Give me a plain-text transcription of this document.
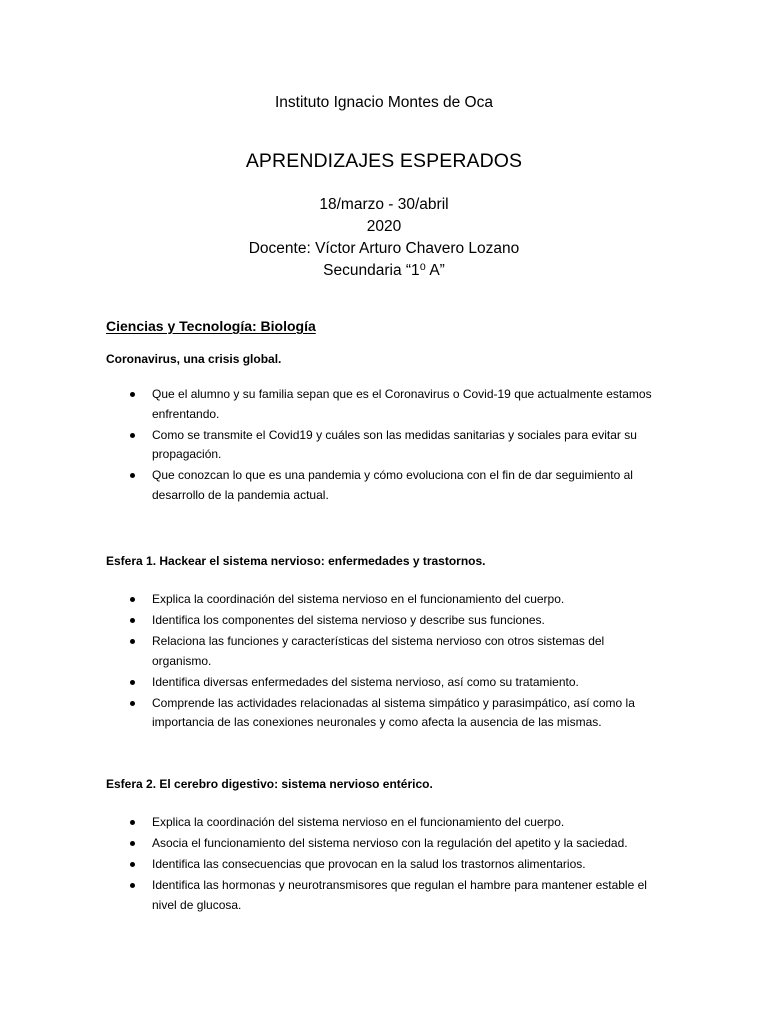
Instituto Ignacio Montes de Oca
APRENDIZAJES ESPERADOS
18/marzo - 30/abril
2020
Docente: Víctor Arturo Chavero Lozano
Secundaria “1⁰ A”
Ciencias y Tecnología: Biología
Coronavirus, una crisis global.
Que el alumno y su familia sepan que es el Coronavirus o Covid-19 que actualmente estamos enfrentando.
Como se transmite el Covid19 y cuáles son las medidas sanitarias y sociales para evitar su propagación.
Que conozcan lo que es una pandemia y cómo evoluciona con el fin de dar seguimiento al desarrollo de la pandemia actual.
Esfera 1. Hackear el sistema nervioso: enfermedades y trastornos.
Explica la coordinación del sistema nervioso en el funcionamiento del cuerpo.
Identifica los componentes del sistema nervioso y describe sus funciones.
Relaciona las funciones y características del sistema nervioso con otros sistemas del organismo.
Identifica diversas enfermedades del sistema nervioso, así como su tratamiento.
Comprende las actividades relacionadas al sistema simpático y parasimpático, así como la importancia de las conexiones neuronales y como afecta la ausencia de las mismas.
Esfera 2. El cerebro digestivo: sistema nervioso entérico.
Explica la coordinación del sistema nervioso en el funcionamiento del cuerpo.
Asocia el funcionamiento del sistema nervioso con la regulación del apetito y la saciedad.
Identifica las consecuencias que provocan en la salud los trastornos alimentarios.
Identifica las hormonas y neurotransmisores que regulan el hambre para mantener estable el nivel de glucosa.
